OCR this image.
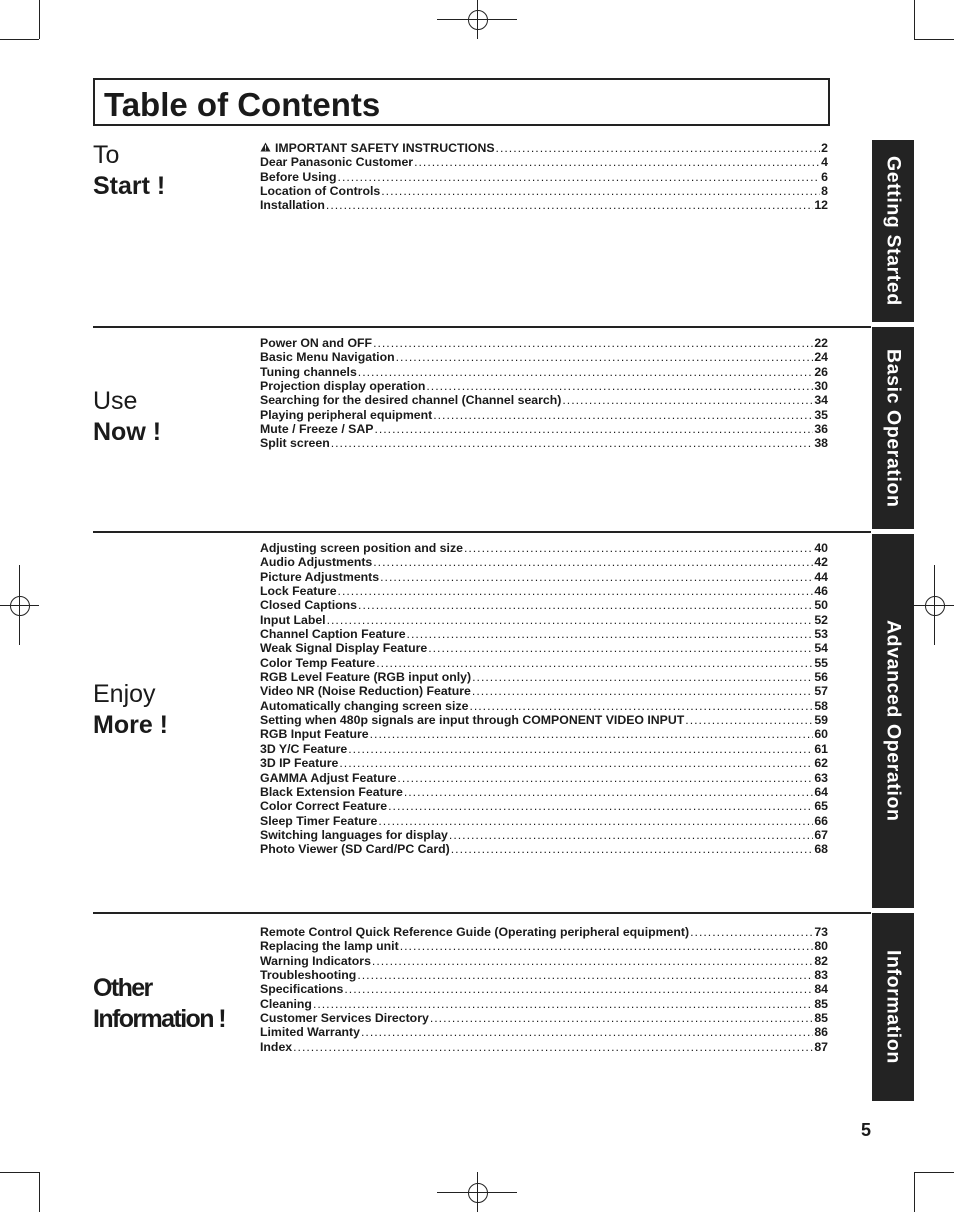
Table of Contents
To
Start !
IMPORTANT SAFETY INSTRUCTIONS .....	2
Dear Panasonic Customer .....	4
Before Using .....	6
Location of Controls .....	8
Installation .....	12
Use
Now !
Power ON and OFF .....	22
Basic Menu Navigation .....	24
Tuning channels .....	26
Projection display operation .....	30
Searching for the desired channel (Channel search) .....	34
Playing peripheral equipment .....	35
Mute / Freeze / SAP .....	36
Split screen .....	38
Enjoy
More !
Adjusting screen position and size .....	40
Audio Adjustments .....	42
Picture Adjustments .....	44
Lock Feature .....	46
Closed Captions .....	50
Input Label .....	52
Channel Caption Feature .....	53
Weak Signal Display Feature .....	54
Color Temp Feature .....	55
RGB Level Feature (RGB input only) .....	56
Video NR (Noise Reduction) Feature .....	57
Automatically changing screen size .....	58
Setting when 480p signals are input through COMPONENT VIDEO INPUT .....	59
RGB Input Feature .....	60
3D Y/C Feature .....	61
3D IP Feature .....	62
GAMMA Adjust Feature .....	63
Black Extension Feature .....	64
Color Correct Feature .....	65
Sleep Timer Feature .....	66
Switching languages for display .....	67
Photo Viewer (SD Card/PC Card) .....	68
Other
Information !
Remote Control Quick Reference Guide (Operating peripheral equipment) .....	73
Replacing the lamp unit .....	80
Warning Indicators .....	82
Troubleshooting .....	83
Specifications .....	84
Cleaning .....	85
Customer Services Directory .....	85
Limited Warranty .....	86
Index .....	87
Getting Started
Basic Operation
Advanced Operation
Information
5
